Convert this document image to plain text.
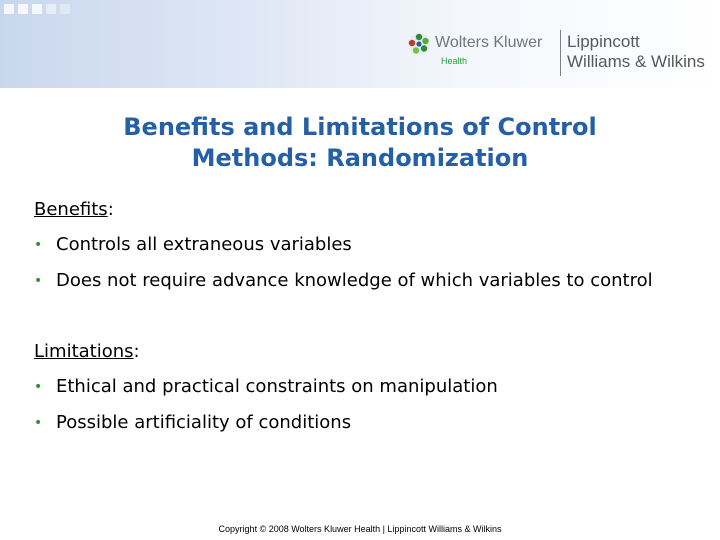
Wolters Kluwer
Health
Lippincott
Williams & Wilkins
Benefits and Limitations of Control
Methods: Randomization
Benefits:
• Controls all extraneous variables
• Does not require advance knowledge of which variables to control
Limitations:
• Ethical and practical constraints on manipulation
• Possible artificiality of conditions
Copyright © 2008 Wolters Kluwer Health | Lippincott Williams & Wilkins
